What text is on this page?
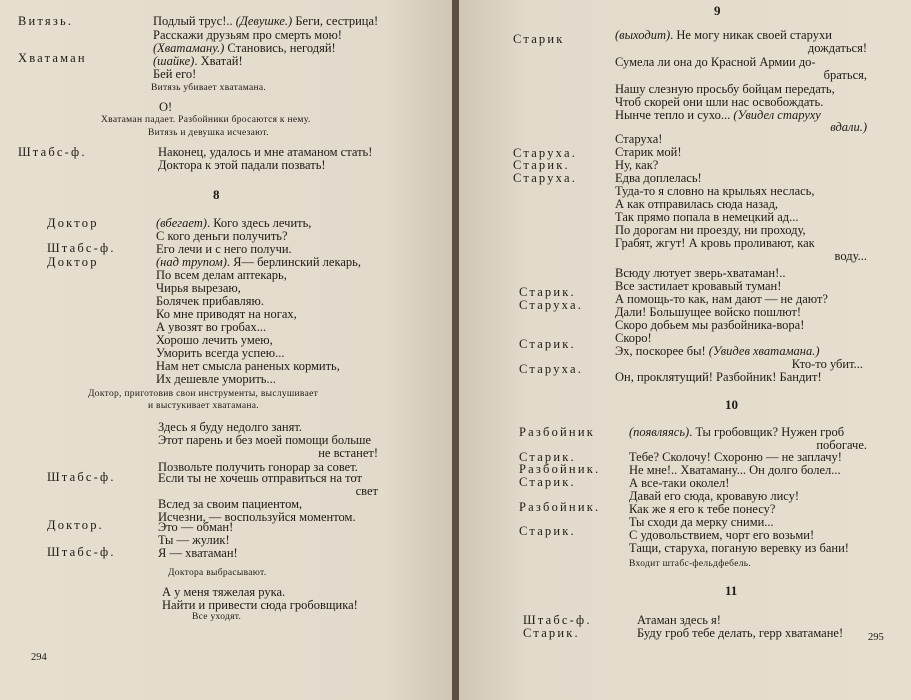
Витязь.
Хватаман
Штабс-ф.
Доктор
Штабс-ф.
Доктор
Штабс-ф.
Доктор.
Штабс-ф.
Подлый трус!.. (Девушке.) Беги, сестрица!
Расскажи друзьям про смерть мою!
(Хватаману.) Становись, негодяй!
(шайке). Хватай!
Бей его!
О!
Наконец, удалось и мне атаманом стать!
Доктора к этой падали позвать!
(вбегает). Кого здесь лечить,
С кого деньги получить?
Его лечи и с него получи.
(над трупом). Я— берлинский лекарь,
По всем делам аптекарь,
Чирья вырезаю,
Болячек прибавляю.
Ко мне приводят на ногах,
А увозят во гробах...
Хорошо лечить умею,
Уморить всегда успею...
Нам нет смысла раненых кормить,
Их дешевле уморить...
Здесь я буду недолго занят.
Этот парень и без моей помощи больше
не встанет!
Позвольте получить гонорар за совет.
Если ты не хочешь отправиться на тот
свет
Вслед за своим пациентом,
Исчезни, — воспользуйся моментом.
Это — обман!
Ты — жулик!
Я — хватаман!
А у меня тяжелая рука.
Найти и привести сюда гробовщика!
Витязь убивает хватамана.
Хватаман падает. Разбойники бросаются к нему.
Витязь и девушка исчезают.
Доктор, приготовив свои инструменты, выслушивает
и выстукивает хватамана.
Доктора выбрасывают.
Все уходят.
8
294
Старик
Старуха.
Старик.
Старуха.
Старик.
Старуха.
Старик.
Старуха.
Разбойник
Старик.
Разбойник.
Старик.
Разбойник.
Старик.
Штабс-ф.
Старик.
(выходит). Не могу никак своей старухи
дождаться!
Сумела ли она до Красной Армии до-
браться,
Нашу слезную просьбу бойцам передать,
Чтоб скорей они шли нас освобождать.
Нынче тепло и сухо... (Увидел старуху
вдали.)
Старуха!
Старик мой!
Ну, как?
Едва доплелась!
Туда-то я словно на крыльях неслась,
А как отправилась сюда назад,
Так прямо попала в немецкий ад...
По дорогам ни проезду, ни проходу,
Грабят, жгут! А кровь проливают, как
воду...
Всюду лютует зверь-хватаман!..
Все застилает кровавый туман!
А помощь-то как, нам дают — не дают?
Дали! Большущее войско пошлют!
Скоро добьем мы разбойника-вора!
Скоро!
Эх, поскорее бы! (Увидев хватамана.)
Кто-то убит...
Он, проклятущий! Разбойник! Бандит!
(появляясь). Ты гробовщик? Нужен гроб
побогаче.
Тебе? Сколочу! Схороню — не заплачу!
Не мне!.. Хватаману... Он долго болел...
А все-таки околел!
Давай его сюда, кровавую лису!
Как же я его к тебе понесу?
Ты сходи да мерку сними...
С удовольствием, чорт его возьми!
Тащи, старуха, поганую веревку из бани!
Атаман здесь я!
Буду гроб тебе делать, герр хватамане!
Входит штабс-фельдфебель.
9
10
11
295
